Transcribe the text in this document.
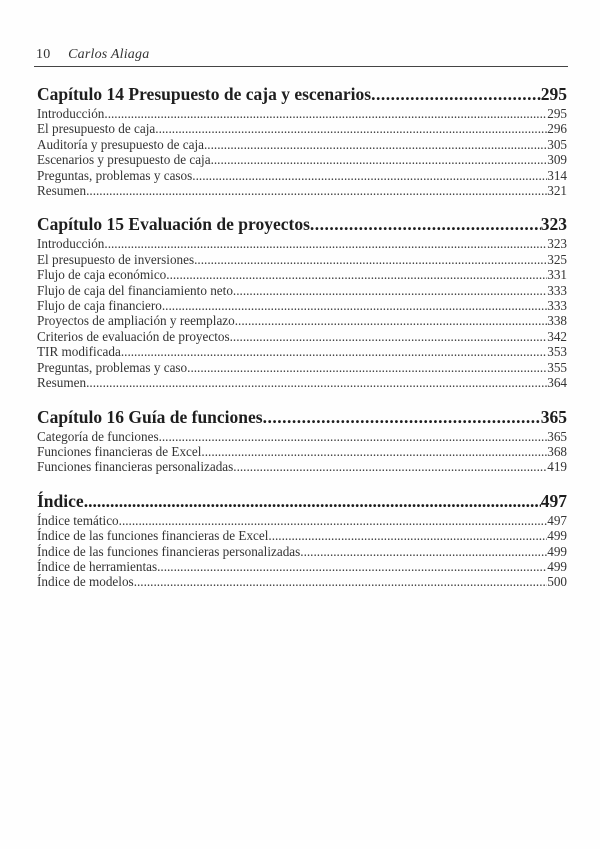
10 Carlos Aliaga
Capítulo 14 Presupuesto de caja y escenarios .....	295
Introducción .....	295
El presupuesto de caja .....	296
Auditoría y presupuesto de caja .....	305
Escenarios y presupuesto de caja .....	309
Preguntas, problemas y casos .....	314
Resumen .....	321
Capítulo 15 Evaluación de proyectos .....	323
Introducción .....	323
El presupuesto de inversiones .....	325
Flujo de caja económico .....	331
Flujo de caja del financiamiento neto .....	333
Flujo de caja financiero .....	333
Proyectos de ampliación y reemplazo .....	338
Criterios de evaluación de proyectos .....	342
TIR modificada .....	353
Preguntas, problemas y caso .....	355
Resumen .....	364
Capítulo 16 Guía de funciones .....	365
Categoría de funciones .....	365
Funciones financieras de Excel .....	368
Funciones financieras personalizadas .....	419
Índice .....	497
Índice temático .....	497
Índice de las funciones financieras de Excel .....	499
Índice de las funciones financieras personalizadas .....	499
Índice de herramientas .....	499
Índice de modelos .....	500
